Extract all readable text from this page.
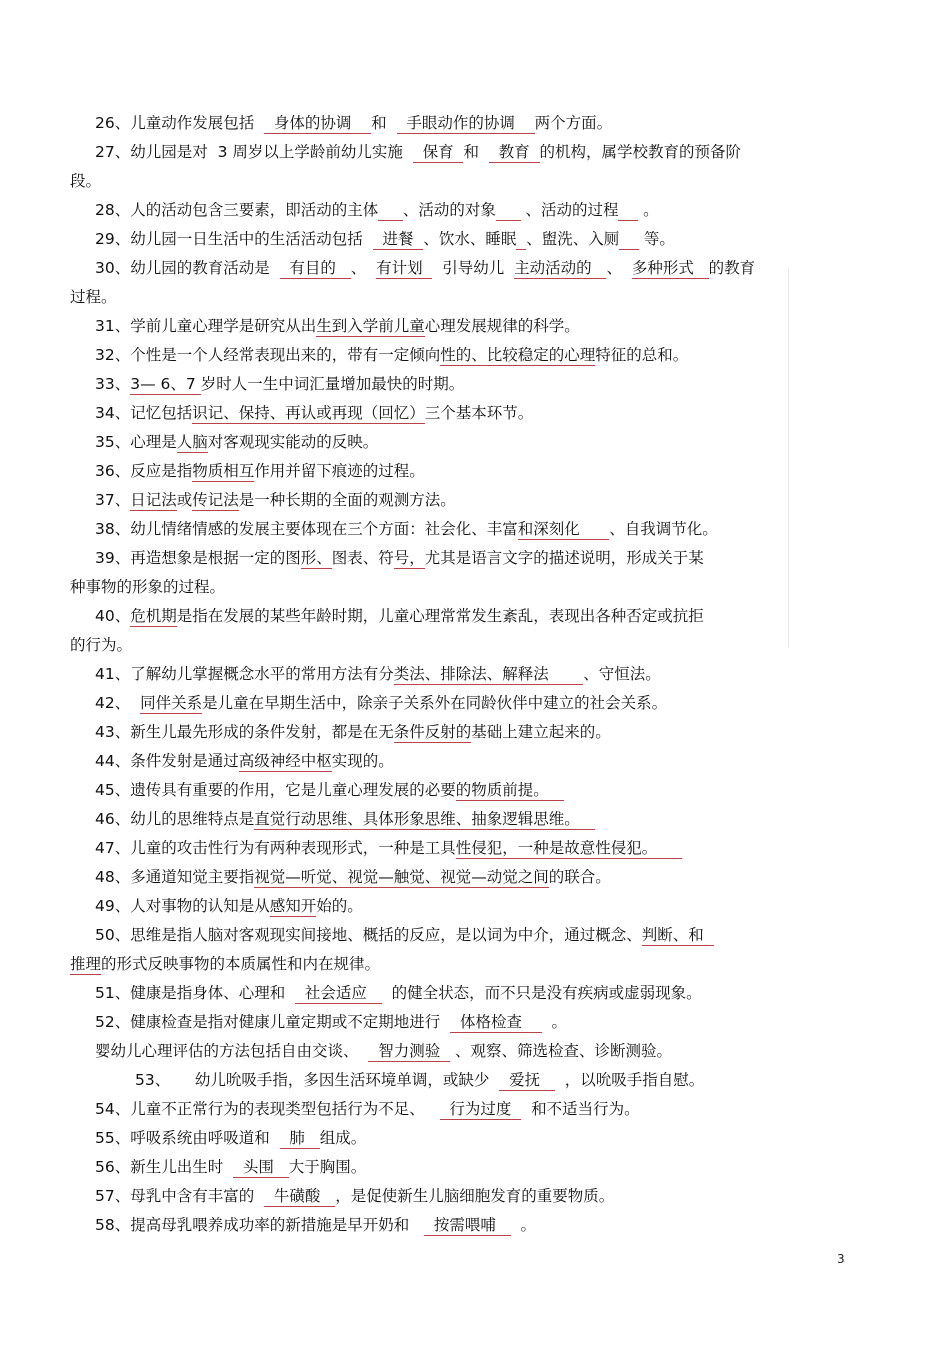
26、儿童动作发展包括    身体的协调    和    手眼动作的协调    两个方面。
27、幼儿园是对  3 周岁以上学龄前幼儿实施    保育  和    教育  的机构，属学校教育的预备阶
段。
28、人的活动包含三要素，即活动的主体 、活动的对象      、活动的过程     。
29、幼儿园一日生活中的生活活动包括    进餐  、饮水、睡眠 、盥洗、入厕     等。
30、幼儿园的教育活动是    有目的   、  有计划    引导幼儿  主动活动的   、  多种形式   的教育
过程。
31、学前儿童心理学是研究从出生到入学前儿童心理发展规律的科学。
32、个性是一个人经常表现出来的，带有一定倾向性的、比较稳定的心理特征的总和。
33、3— 6、7 岁时人一生中词汇量增加最快的时期。
34、记忆包括识记、保持、再认或再现（回忆）三个基本环节。
35、心理是人脑对客观现实能动的反映。
36、反应是指物质相互作用并留下痕迹的过程。
37、日记法或传记法是一种长期的全面的观测方法。
38、幼儿情绪情感的发展主要体现在三个方面：社会化、丰富和深刻化      、自我调节化。
39、再造想象是根据一定的图形、图表、符号，尤其是语言文字的描述说明，形成关于某
种事物的形象的过程。
40、危机期是指在发展的某些年龄时期，儿童心理常常发生紊乱，表现出各种否定或抗拒
的行为。
41、了解幼儿掌握概念水平的常用方法有分类法、排除法、解释法       、守恒法。
42、  同伴关系是儿童在早期生活中，除亲子关系外在同龄伙伴中建立的社会关系。
43、新生儿最先形成的条件发射，都是在无条件反射的基础上建立起来的。
44、条件发射是通过高级神经中枢实现的。
45、遗传具有重要的作用，它是儿童心理发展的必要的物质前提。
46、幼儿的思维特点是直觉行动思维、具体形象思维、抽象逻辑思维。
47、儿童的攻击性行为有两种表现形式，一种是工具性侵犯，一种是故意性侵犯。
48、多通道知觉主要指视觉—听觉、视觉—触觉、视觉—动觉之间的联合。
49、人对事物的认知是从感知开始的。
50、思维是指人脑对客观现实间接地、概括的反应，是以词为中介，通过概念、判断、和
推理的形式反映事物的本质属性和内在规律。
51、健康是指身体、心理和    社会适应     的健全状态，而不只是没有疾病或虚弱现象。
52、健康检查是指对健康儿童定期或不定期地进行    体格检查      。
婴幼儿心理评估的方法包括自由交谈、    智力测验   、观察、筛选检查、诊断测验。
53、     幼儿吮吸手指，多因生活环境单调，或缺少    爱抚     ，以吮吸手指自慰。
54、儿童不正常行为的表现类型包括行为不足、     行为过度    和不适当行为。
55、呼吸系统由呼吸道和    肺   组成。
56、新生儿出生时    头围   大于胸围。
57、母乳中含有丰富的    牛磺酸   ，是促使新生儿脑细胞发育的重要物质。
58、提高母乳喂养成功率的新措施是早开奶和     按需喂哺     。
3
